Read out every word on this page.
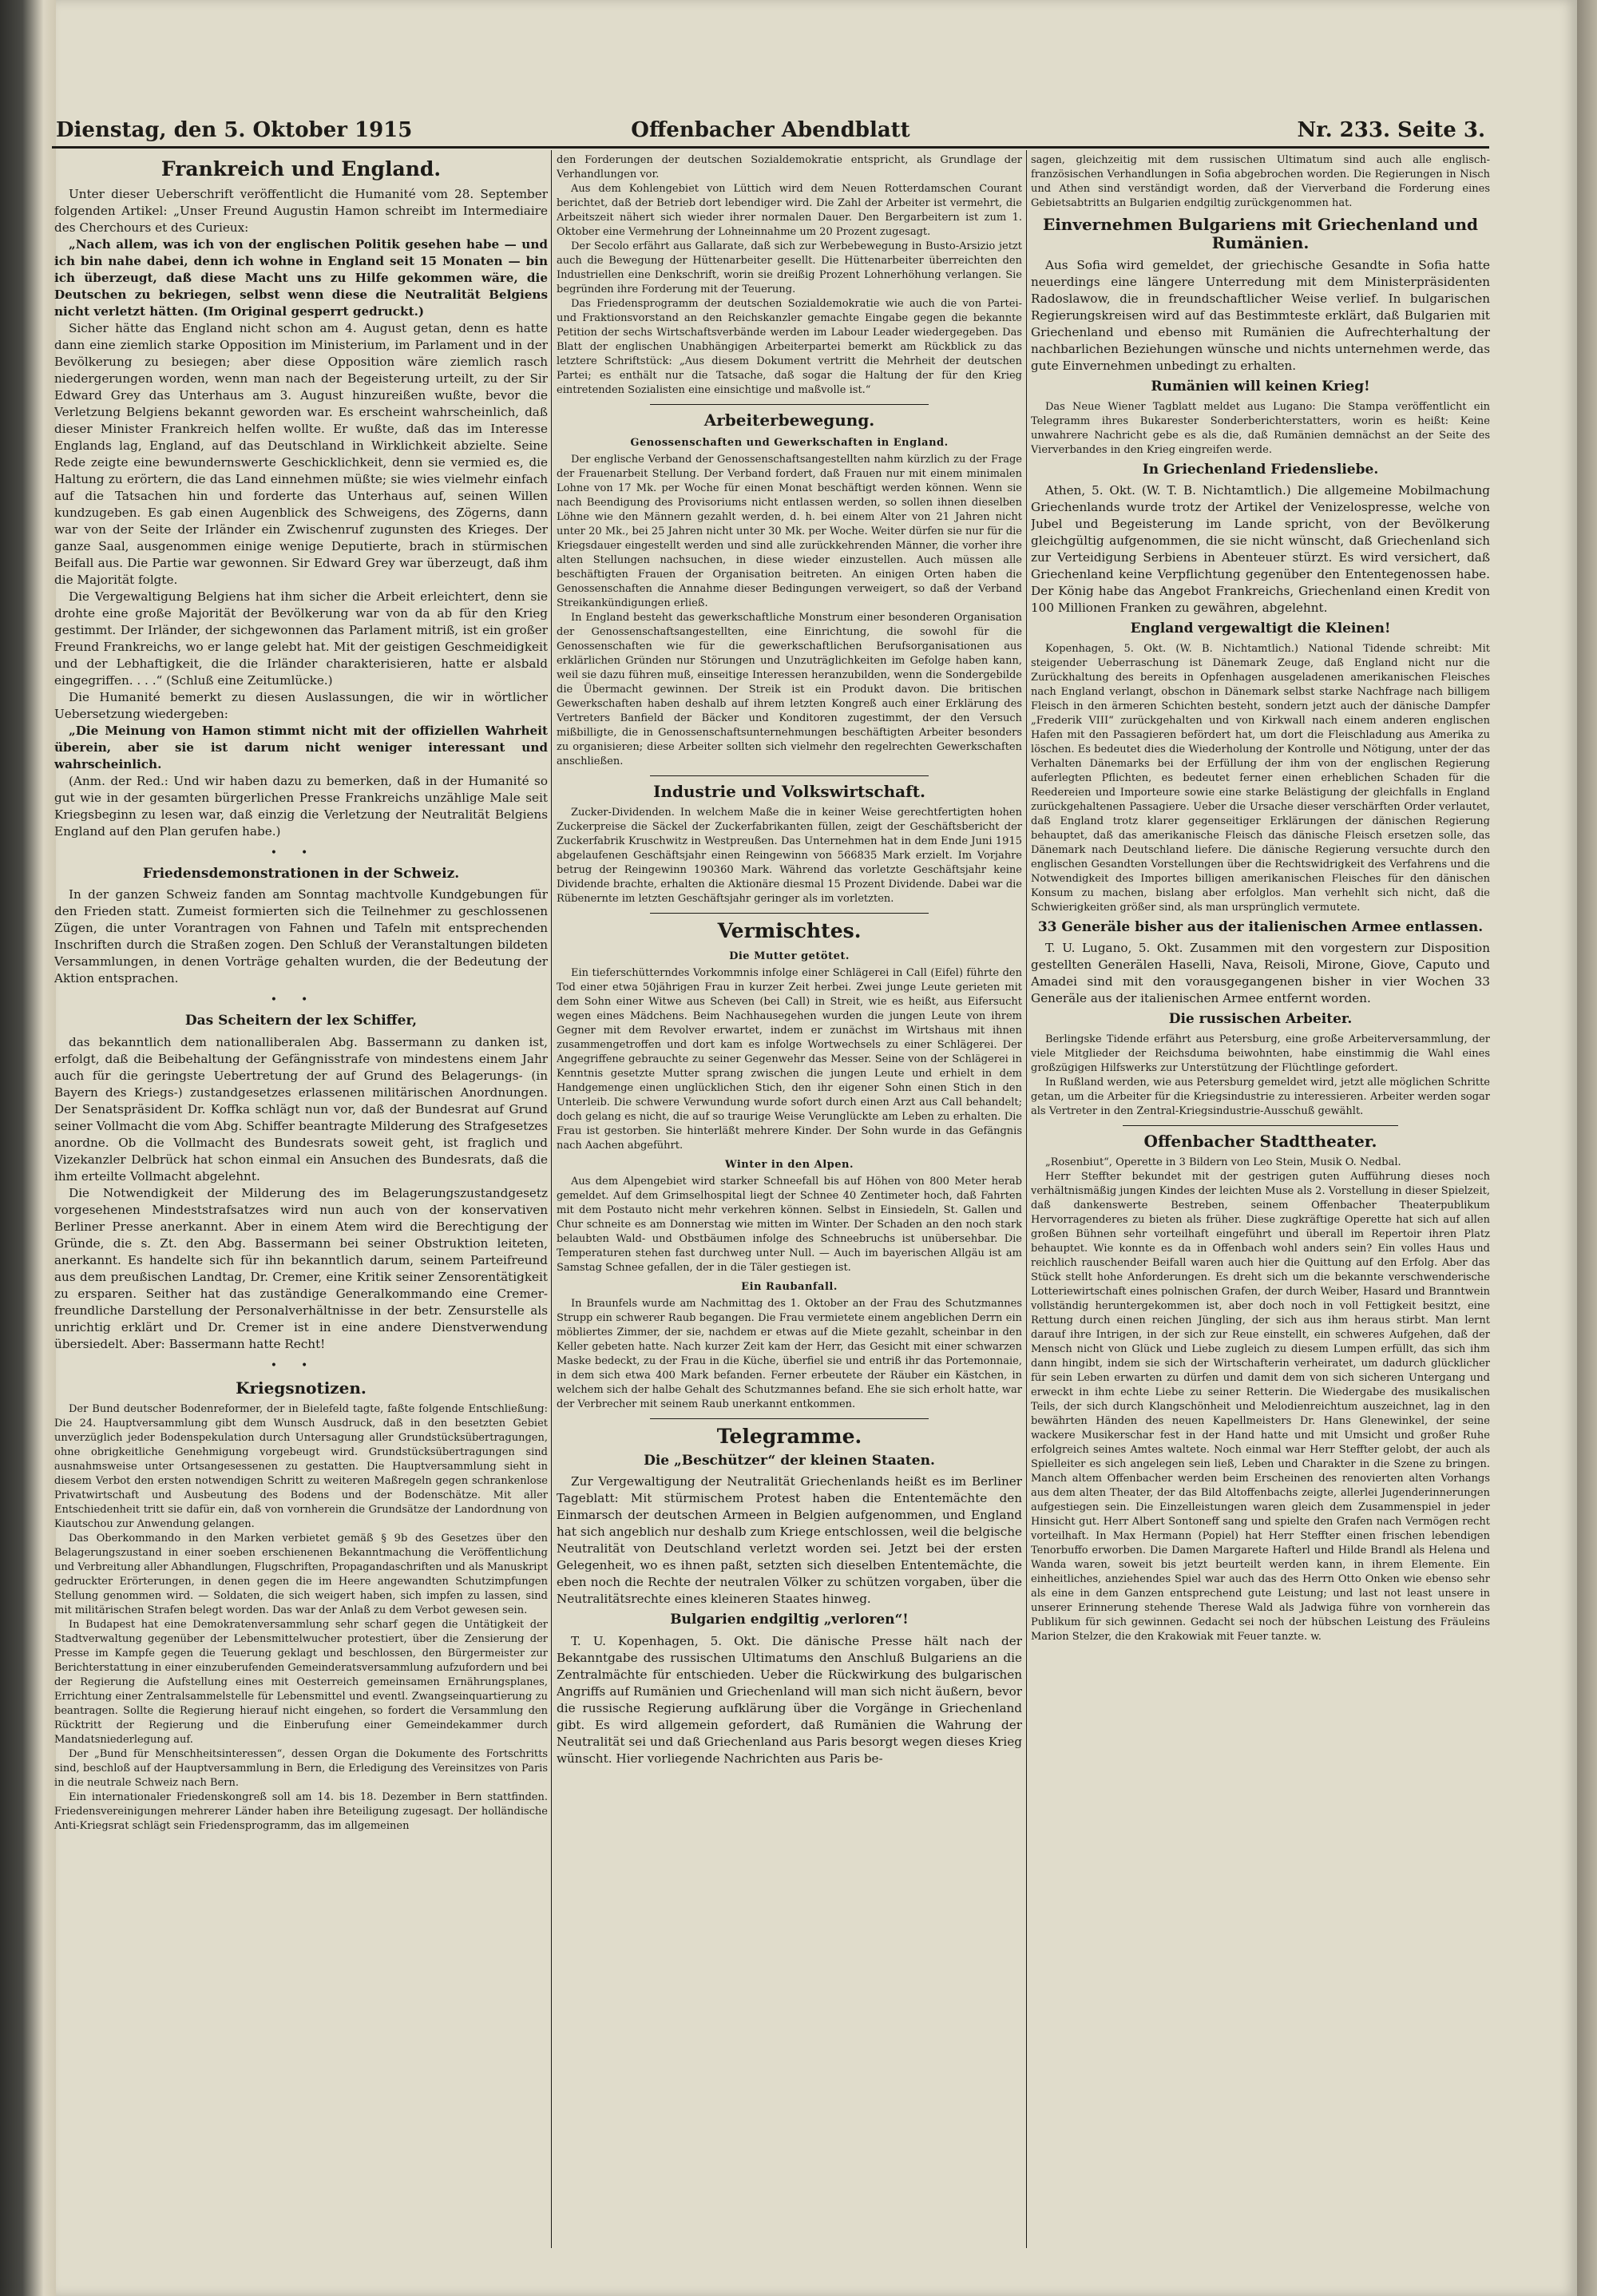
Dienstag, den 5. Oktober 1915	Offenbacher Abendblatt	Nr. 233. Seite 3.
Frankreich und England.

Unter dieser Ueberschrift veröffentlicht die Humanité vom 28. September folgenden Artikel: „Unser Freund Augustin Hamon schreibt im Intermediaire des Cherchours et des Curieux:

„Nach allem, was ich von der englischen Politik gesehen habe — und ich bin nahe dabei, denn ich wohne in England seit 15 Monaten — bin ich überzeugt, daß diese Macht uns zu Hilfe gekommen wäre, die Deutschen zu bekriegen, selbst wenn diese die Neutralität Belgiens nicht verletzt hätten. (Im Original gesperrt gedruckt.)

Sicher hätte das England nicht schon am 4. August getan, denn es hatte dann eine ziemlich starke Opposition im Ministerium, im Parlament und in der Bevölkerung zu besiegen; aber diese Opposition wäre ziemlich rasch niedergerungen worden, wenn man nach der Begeisterung urteilt, zu der Sir Edward Grey das Unterhaus am 3. August hinzureißen wußte, bevor die Verletzung Belgiens bekannt geworden war. Es erscheint wahrscheinlich, daß dieser Minister Frankreich helfen wollte. Er wußte, daß das im Interesse Englands lag, England, auf das Deutschland in Wirklichkeit abzielte. Seine Rede zeigte eine bewundernswerte Geschicklichkeit, denn sie vermied es, die Haltung zu erörtern, die das Land einnehmen müßte; sie wies vielmehr einfach auf die Tatsachen hin und forderte das Unterhaus auf, seinen Willen kundzugeben. Es gab einen Augenblick des Schweigens, des Zögerns, dann war von der Seite der Irländer ein Zwischenruf zugunsten des Krieges. Der ganze Saal, ausgenommen einige wenige Deputierte, brach in stürmischen Beifall aus. Die Partie war gewonnen. Sir Edward Grey war überzeugt, daß ihm die Majorität folgte.

Die Vergewaltigung Belgiens hat ihm sicher die Arbeit erleichtert, denn sie drohte eine große Majorität der Bevölkerung war von da ab für den Krieg gestimmt. Der Irländer, der sichgewonnen das Parlament mitriß, ist ein großer Freund Frankreichs, wo er lange gelebt hat. Mit der geistigen Geschmeidigkeit und der Lebhaftigkeit, die die Irländer charakterisieren, hatte er alsbald eingegriffen. . . .“ (Schluß eine Zeitumlücke.)

Die Humanité bemerkt zu diesen Auslassungen, die wir in wörtlicher Uebersetzung wiedergeben:

„Die Meinung von Hamon stimmt nicht mit der offiziellen Wahrheit überein, aber sie ist darum nicht weniger interessant und wahrscheinlich.

(Anm. der Red.: Und wir haben dazu zu bemerken, daß in der Humanité so gut wie in der gesamten bürgerlichen Presse Frankreichs unzählige Male seit Kriegsbeginn zu lesen war, daß einzig die Verletzung der Neutralität Belgiens England auf den Plan gerufen habe.)

••
Friedensdemonstrationen in der Schweiz.

In der ganzen Schweiz fanden am Sonntag machtvolle Kundgebungen für den Frieden statt. Zumeist formierten sich die Teilnehmer zu geschlossenen Zügen, die unter Vorantragen von Fahnen und Tafeln mit entsprechenden Inschriften durch die Straßen zogen. Den Schluß der Veranstaltungen bildeten Versammlungen, in denen Vorträge gehalten wurden, die der Bedeutung der Aktion entsprachen.

••
Das Scheitern der lex Schiffer,

das bekanntlich dem nationalliberalen Abg. Bassermann zu danken ist, erfolgt, daß die Beibehaltung der Gefängnisstrafe von mindestens einem Jahr auch für die geringste Uebertretung der auf Grund des Belagerungs- (in Bayern des Kriegs-) zustandgesetzes erlassenen militärischen Anordnungen. Der Senatspräsident Dr. Koffka schlägt nun vor, daß der Bundesrat auf Grund seiner Vollmacht die vom Abg. Schiffer beantragte Milderung des Strafgesetzes anordne. Ob die Vollmacht des Bundesrats soweit geht, ist fraglich und Vizekanzler Delbrück hat schon einmal ein Ansuchen des Bundesrats, daß die ihm erteilte Vollmacht abgelehnt.

Die Notwendigkeit der Milderung des im Belagerungszustandgesetz vorgesehenen Mindeststrafsatzes wird nun auch von der konservativen Berliner Presse anerkannt. Aber in einem Atem wird die Berechtigung der Gründe, die s. Zt. den Abg. Bassermann bei seiner Obstruktion leiteten, anerkannt. Es handelte sich für ihn bekanntlich darum, seinem Parteifreund aus dem preußischen Landtag, Dr. Cremer, eine Kritik seiner Zensorentätigkeit zu ersparen. Seither hat das zuständige Generalkommando eine Cremer-freundliche Darstellung der Personalverhältnisse in der betr. Zensurstelle als unrichtig erklärt und Dr. Cremer ist in eine andere Dienstverwendung übersiedelt. Aber: Bassermann hatte Recht!

••
Kriegsnotizen.

Der Bund deutscher Bodenreformer, der in Bielefeld tagte, faßte folgende Entschließung: Die 24. Hauptversammlung gibt dem Wunsch Ausdruck, daß in den besetzten Gebiet unverzüglich jeder Bodenspekulation durch Untersagung aller Grundstücksübertragungen, ohne obrigkeitliche Genehmigung vorgebeugt wird. Grundstücksübertragungen sind ausnahmsweise unter Ortsangesessenen zu gestatten. Die Hauptversammlung sieht in diesem Verbot den ersten notwendigen Schritt zu weiteren Maßregeln gegen schrankenlose Privatwirtschaft und Ausbeutung des Bodens und der Bodenschätze. Mit aller Entschiedenheit tritt sie dafür ein, daß von vornherein die Grundsätze der Landordnung von Kiautschou zur Anwendung gelangen.

Das Oberkommando in den Marken verbietet gemäß § 9b des Gesetzes über den Belagerungszustand in einer soeben erschienenen Bekanntmachung die Veröffentlichung und Verbreitung aller Abhandlungen, Flugschriften, Propagandaschriften und als Manuskript gedruckter Erörterungen, in denen gegen die im Heere angewandten Schutzimpfungen Stellung genommen wird. — Soldaten, die sich weigert haben, sich impfen zu lassen, sind mit militärischen Strafen belegt worden. Das war der Anlaß zu dem Verbot gewesen sein.

In Budapest hat eine Demokratenversammlung sehr scharf gegen die Untätigkeit der Stadtverwaltung gegenüber der Lebensmittelwucher protestiert, über die Zensierung der Presse im Kampfe gegen die Teuerung geklagt und beschlossen, den Bürgermeister zur Berichterstattung in einer einzuberufenden Gemeinderatsversammlung aufzufordern und bei der Regierung die Aufstellung eines mit Oesterreich gemeinsamen Ernährungsplanes, Errichtung einer Zentralsammelstelle für Lebensmittel und eventl. Zwangseinquartierung zu beantragen. Sollte die Regierung hierauf nicht eingehen, so fordert die Versammlung den Rücktritt der Regierung und die Einberufung einer Gemeindekammer durch Mandatsniederlegung auf.

Der „Bund für Menschheitsinteressen“, dessen Organ die Dokumente des Fortschritts sind, beschloß auf der Hauptversammlung in Bern, die Erledigung des Vereinsitzes von Paris in die neutrale Schweiz nach Bern.

Ein internationaler Friedenskongreß soll am 14. bis 18. Dezember in Bern stattfinden. Friedensvereinigungen mehrerer Länder haben ihre Beteiligung zugesagt. Der holländische Anti-Kriegsrat schlägt sein Friedensprogramm, das im allgemeinen

den Forderungen der deutschen Sozialdemokratie entspricht, als Grundlage der Verhandlungen vor.

Aus dem Kohlengebiet von Lüttich wird dem Neuen Rotterdamschen Courant berichtet, daß der Betrieb dort lebendiger wird. Die Zahl der Arbeiter ist vermehrt, die Arbeitszeit nähert sich wieder ihrer normalen Dauer. Den Bergarbeitern ist zum 1. Oktober eine Vermehrung der Lohneinnahme um 20 Prozent zugesagt.

Der Secolo erfährt aus Gallarate, daß sich zur Werbebewegung in Busto-Arsizio jetzt auch die Bewegung der Hüttenarbeiter gesellt. Die Hüttenarbeiter überreichten den Industriellen eine Denkschrift, worin sie dreißig Prozent Lohnerhöhung verlangen. Sie begründen ihre Forderung mit der Teuerung.

Das Friedensprogramm der deutschen Sozialdemokratie wie auch die von Partei- und Fraktionsvorstand an den Reichskanzler gemachte Eingabe gegen die bekannte Petition der sechs Wirtschaftsverbände werden im Labour Leader wiedergegeben. Das Blatt der englischen Unabhängigen Arbeiterpartei bemerkt am Rückblick zu das letztere Schriftstück: „Aus diesem Dokument vertritt die Mehrheit der deutschen Partei; es enthält nur die Tatsache, daß sogar die Haltung der für den Krieg eintretenden Sozialisten eine einsichtige und maßvolle ist.“

Arbeiterbewegung.
Genossenschaften und Gewerkschaften in England.

Der englische Verband der Genossenschaftsangestellten nahm kürzlich zu der Frage der Frauenarbeit Stellung. Der Verband fordert, daß Frauen nur mit einem minimalen Lohne von 17 Mk. per Woche für einen Monat beschäftigt werden können. Wenn sie nach Beendigung des Provisoriums nicht entlassen werden, so sollen ihnen dieselben Löhne wie den Männern gezahlt werden, d. h. bei einem Alter von 21 Jahren nicht unter 20 Mk., bei 25 Jahren nicht unter 30 Mk. per Woche. Weiter dürfen sie nur für die Kriegsdauer eingestellt werden und sind alle zurückkehrenden Männer, die vorher ihre alten Stellungen nachsuchen, in diese wieder einzustellen. Auch müssen alle beschäftigten Frauen der Organisation beitreten. An einigen Orten haben die Genossenschaften die Annahme dieser Bedingungen verweigert, so daß der Verband Streikankündigungen erließ.

In England besteht das gewerkschaftliche Monstrum einer besonderen Organisation der Genossenschaftsangestellten, eine Einrichtung, die sowohl für die Genossenschaften wie für die gewerkschaftlichen Berufsorganisationen aus erklärlichen Gründen nur Störungen und Unzuträglichkeiten im Gefolge haben kann, weil sie dazu führen muß, einseitige Interessen heranzubilden, wenn die Sondergebilde die Übermacht gewinnen. Der Streik ist ein Produkt davon. Die britischen Gewerkschaften haben deshalb auf ihrem letzten Kongreß auch einer Erklärung des Vertreters Banfield der Bäcker und Konditoren zugestimmt, der den Versuch mißbilligte, die in Genossenschaftsunternehmungen beschäftigten Arbeiter besonders zu organisieren; diese Arbeiter sollten sich vielmehr den regelrechten Gewerkschaften anschließen.

Industrie und Volkswirtschaft.

Zucker-Dividenden. In welchem Maße die in keiner Weise gerechtfertigten hohen Zuckerpreise die Säckel der Zuckerfabrikanten füllen, zeigt der Geschäftsbericht der Zuckerfabrik Kruschwitz in Westpreußen. Das Unternehmen hat in dem Ende Juni 1915 abgelaufenen Geschäftsjahr einen Reingewinn von 566835 Mark erzielt. Im Vorjahre betrug der Reingewinn 190360 Mark. Während das vorletzte Geschäftsjahr keine Dividende brachte, erhalten die Aktionäre diesmal 15 Prozent Dividende. Dabei war die Rübenernte im letzten Geschäftsjahr geringer als im vorletzten.

Vermischtes.
Die Mutter getötet.

Ein tieferschütterndes Vorkommnis infolge einer Schlägerei in Call (Eifel) führte den Tod einer etwa 50jährigen Frau in kurzer Zeit herbei. Zwei junge Leute gerieten mit dem Sohn einer Witwe aus Scheven (bei Call) in Streit, wie es heißt, aus Eifersucht wegen eines Mädchens. Beim Nachhausegehen wurden die jungen Leute von ihrem Gegner mit dem Revolver erwartet, indem er zunächst im Wirtshaus mit ihnen zusammengetroffen und dort kam es infolge Wortwechsels zu einer Schlägerei. Der Angegriffene gebrauchte zu seiner Gegenwehr das Messer. Seine von der Schlägerei in Kenntnis gesetzte Mutter sprang zwischen die jungen Leute und erhielt in dem Handgemenge einen unglücklichen Stich, den ihr eigener Sohn einen Stich in den Unterleib. Die schwere Verwundung wurde sofort durch einen Arzt aus Call behandelt; doch gelang es nicht, die auf so traurige Weise Verunglückte am Leben zu erhalten. Die Frau ist gestorben. Sie hinterläßt mehrere Kinder. Der Sohn wurde in das Gefängnis nach Aachen abgeführt.

Winter in den Alpen.

Aus dem Alpengebiet wird starker Schneefall bis auf Höhen von 800 Meter herab gemeldet. Auf dem Grimselhospital liegt der Schnee 40 Zentimeter hoch, daß Fahrten mit dem Postauto nicht mehr verkehren können. Selbst in Einsiedeln, St. Gallen und Chur schneite es am Donnerstag wie mitten im Winter. Der Schaden an den noch stark belaubten Wald- und Obstbäumen infolge des Schneebruchs ist unübersehbar. Die Temperaturen stehen fast durchweg unter Null. — Auch im bayerischen Allgäu ist am Samstag Schnee gefallen, der in die Täler gestiegen ist.

Ein Raubanfall.

In Braunfels wurde am Nachmittag des 1. Oktober an der Frau des Schutzmannes Strupp ein schwerer Raub begangen. Die Frau vermietete einem angeblichen Derrn ein möbliertes Zimmer, der sie, nachdem er etwas auf die Miete gezahlt, scheinbar in den Keller gebeten hatte. Nach kurzer Zeit kam der Herr, das Gesicht mit einer schwarzen Maske bedeckt, zu der Frau in die Küche, überfiel sie und entriß ihr das Portemonnaie, in dem sich etwa 400 Mark befanden. Ferner erbeutete der Räuber ein Kästchen, in welchem sich der halbe Gehalt des Schutzmannes befand. Ehe sie sich erholt hatte, war der Verbrecher mit seinem Raub unerkannt entkommen.

Telegramme.
Die „Beschützer“ der kleinen Staaten.

Zur Vergewaltigung der Neutralität Griechenlands heißt es im Berliner Tageblatt: Mit stürmischem Protest haben die Ententemächte den Einmarsch der deutschen Armeen in Belgien aufgenommen, und England hat sich angeblich nur deshalb zum Kriege entschlossen, weil die belgische Neutralität von Deutschland verletzt worden sei. Jetzt bei der ersten Gelegenheit, wo es ihnen paßt, setzten sich dieselben Ententemächte, die eben noch die Rechte der neutralen Völker zu schützen vorgaben, über die Neutralitätsrechte eines kleineren Staates hinweg.

Bulgarien endgiltig „verloren“!

T. U. Kopenhagen, 5. Okt. Die dänische Presse hält nach der Bekanntgabe des russischen Ultimatums den Anschluß Bulgariens an die Zentralmächte für entschieden. Ueber die Rückwirkung des bulgarischen Angriffs auf Rumänien und Griechenland will man sich nicht äußern, bevor die russische Regierung aufklärung über die Vorgänge in Griechenland gibt. Es wird allgemein gefordert, daß Rumänien die Wahrung der Neutralität sei und daß Griechenland aus Paris besorgt wegen dieses Krieg wünscht. Hier vorliegende Nachrichten aus Paris be-

sagen, gleichzeitig mit dem russischen Ultimatum sind auch alle englisch-französischen Verhandlungen in Sofia abgebrochen worden. Die Regierungen in Nisch und Athen sind verständigt worden, daß der Vierverband die Forderung eines Gebietsabtritts an Bulgarien endgiltig zurückgenommen hat.

Einvernehmen Bulgariens mit Griechenland und Rumänien.

Aus Sofia wird gemeldet, der griechische Gesandte in Sofia hatte neuerdings eine längere Unterredung mit dem Ministerpräsidenten Radoslawow, die in freundschaftlicher Weise verlief. In bulgarischen Regierungskreisen wird auf das Bestimmteste erklärt, daß Bulgarien mit Griechenland und ebenso mit Rumänien die Aufrechterhaltung der nachbarlichen Beziehungen wünsche und nichts unternehmen werde, das gute Einvernehmen unbedingt zu erhalten.

Rumänien will keinen Krieg!

Das Neue Wiener Tagblatt meldet aus Lugano: Die Stampa veröffentlicht ein Telegramm ihres Bukarester Sonderberichterstatters, worin es heißt: Keine unwahrere Nachricht gebe es als die, daß Rumänien demnächst an der Seite des Vierverbandes in den Krieg eingreifen werde.

In Griechenland Friedensliebe.

Athen, 5. Okt. (W. T. B. Nichtamtlich.) Die allgemeine Mobilmachung Griechenlands wurde trotz der Artikel der Venizelospresse, welche von Jubel und Begeisterung im Lande spricht, von der Bevölkerung gleichgültig aufgenommen, die sie nicht wünscht, daß Griechenland sich zur Verteidigung Serbiens in Abenteuer stürzt. Es wird versichert, daß Griechenland keine Verpflichtung gegenüber den Ententegenossen habe. Der König habe das Angebot Frankreichs, Griechenland einen Kredit von 100 Millionen Franken zu gewähren, abgelehnt.

England vergewaltigt die Kleinen!

Kopenhagen, 5. Okt. (W. B. Nichtamtlich.) National Tidende schreibt: Mit steigender Ueberraschung ist Dänemark Zeuge, daß England nicht nur die Zurückhaltung des bereits in Opfenhagen ausgeladenen amerikanischen Fleisches nach England verlangt, obschon in Dänemark selbst starke Nachfrage nach billigem Fleisch in den ärmeren Schichten besteht, sondern jetzt auch der dänische Dampfer „Frederik VIII“ zurückgehalten und von Kirkwall nach einem anderen englischen Hafen mit den Passagieren befördert hat, um dort die Fleischladung aus Amerika zu löschen. Es bedeutet dies die Wiederholung der Kontrolle und Nötigung, unter der das Verhalten Dänemarks bei der Erfüllung der ihm von der englischen Regierung auferlegten Pflichten, es bedeutet ferner einen erheblichen Schaden für die Reedereien und Importeure sowie eine starke Belästigung der gleichfalls in England zurückgehaltenen Passagiere. Ueber die Ursache dieser verschärften Order verlautet, daß England trotz klarer gegenseitiger Erklärungen der dänischen Regierung behauptet, daß das amerikanische Fleisch das dänische Fleisch ersetzen solle, das Dänemark nach Deutschland liefere. Die dänische Regierung versuchte durch den englischen Gesandten Vorstellungen über die Rechtswidrigkeit des Verfahrens und die Notwendigkeit des Importes billigen amerikanischen Fleisches für den dänischen Konsum zu machen, bislang aber erfolglos. Man verhehlt sich nicht, daß die Schwierigkeiten größer sind, als man ursprünglich vermutete.

33 Generäle bisher aus der italienischen Armee entlassen.

T. U. Lugano, 5. Okt. Zusammen mit den vorgestern zur Disposition gestellten Generälen Haselli, Nava, Reisoli, Mirone, Giove, Caputo und Amadei sind mit den vorausgegangenen bisher in vier Wochen 33 Generäle aus der italienischen Armee entfernt worden.

Die russischen Arbeiter.

Berlingske Tidende erfährt aus Petersburg, eine große Arbeiterversammlung, der viele Mitglieder der Reichsduma beiwohnten, habe einstimmig die Wahl eines großzügigen Hilfswerks zur Unterstützung der Flüchtlinge gefordert.

In Rußland werden, wie aus Petersburg gemeldet wird, jetzt alle möglichen Schritte getan, um die Arbeiter für die Kriegsindustrie zu interessieren. Arbeiter werden sogar als Vertreter in den Zentral-Kriegsindustrie-Ausschuß gewählt.

Offenbacher Stadttheater.

„Rosenbiut“, Operette in 3 Bildern von Leo Stein, Musik O. Nedbal.

Herr Steffter bekundet mit der gestrigen guten Aufführung dieses noch verhältnismäßig jungen Kindes der leichten Muse als 2. Vorstellung in dieser Spielzeit, daß dankenswerte Bestreben, seinem Offenbacher Theaterpublikum Hervorragenderes zu bieten als früher. Diese zugkräftige Operette hat sich auf allen großen Bühnen sehr vorteilhaft eingeführt und überall im Repertoir ihren Platz behauptet. Wie konnte es da in Offenbach wohl anders sein? Ein volles Haus und reichlich rauschender Beifall waren auch hier die Quittung auf den Erfolg. Aber das Stück stellt hohe Anforderungen. Es dreht sich um die bekannte verschwenderische Lotteriewirtschaft eines polnischen Grafen, der durch Weiber, Hasard und Branntwein vollständig heruntergekommen ist, aber doch noch in voll Fettigkeit besitzt, eine Rettung durch einen reichen Jüngling, der sich aus ihm heraus stirbt. Man lernt darauf ihre Intrigen, in der sich zur Reue einstellt, ein schweres Aufgehen, daß der Mensch nicht von Glück und Liebe zugleich zu diesem Lumpen erfüllt, das sich ihm dann hingibt, indem sie sich der Wirtschafterin verheiratet, um dadurch glücklicher für sein Leben erwarten zu dürfen und damit dem von sich sicheren Untergang und erweckt in ihm echte Liebe zu seiner Retterin. Die Wiedergabe des musikalischen Teils, der sich durch Klangschönheit und Melodienreichtum auszeichnet, lag in den bewährten Händen des neuen Kapellmeisters Dr. Hans Glenewinkel, der seine wackere Musikerschar fest in der Hand hatte und mit Umsicht und großer Ruhe erfolgreich seines Amtes waltete. Noch einmal war Herr Steffter gelobt, der auch als Spielleiter es sich angelegen sein ließ, Leben und Charakter in die Szene zu bringen. Manch altem Offenbacher werden beim Erscheinen des renovierten alten Vorhangs aus dem alten Theater, der das Bild Altoffenbachs zeigte, allerlei Jugenderinnerungen aufgestiegen sein. Die Einzelleistungen waren gleich dem Zusammenspiel in jeder Hinsicht gut. Herr Albert Sontoneff sang und spielte den Grafen nach Vermögen recht vorteilhaft. In Max Hermann (Popiel) hat Herr Steffter einen frischen lebendigen Tenorbuffo erworben. Die Damen Margarete Hafterl und Hilde Brandl als Helena und Wanda waren, soweit bis jetzt beurteilt werden kann, in ihrem Elemente. Ein einheitliches, anziehendes Spiel war auch das des Herrn Otto Onken wie ebenso sehr als eine in dem Ganzen entsprechend gute Leistung; und last not least unsere in unserer Erinnerung stehende Therese Wald als Jadwiga führe von vornherein das Publikum für sich gewinnen. Gedacht sei noch der hübschen Leistung des Fräuleins Marion Stelzer, die den Krakowiak mit Feuer tanzte. w.
